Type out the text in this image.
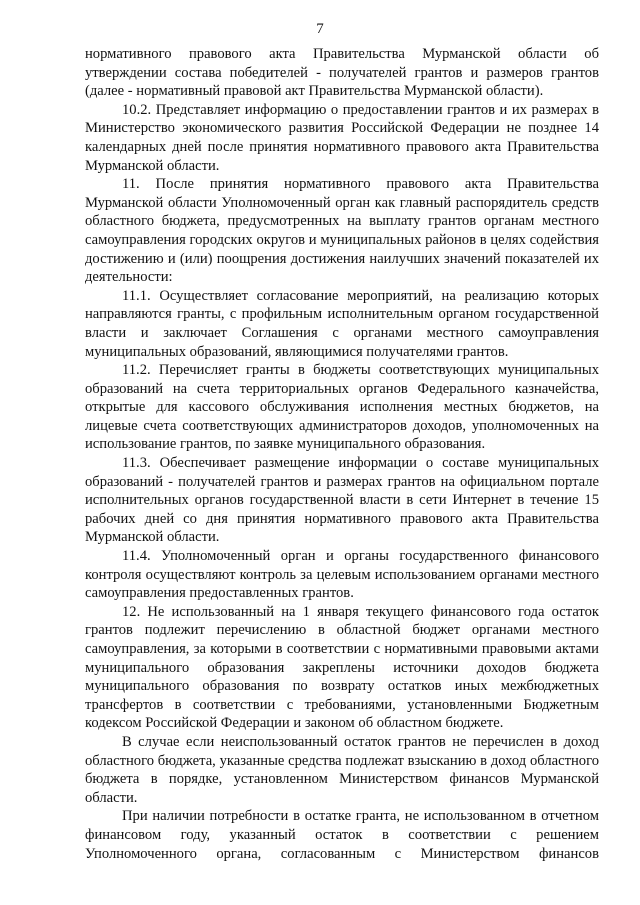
7

нормативного правового акта Правительства Мурманской области об утверждении состава победителей - получателей грантов и размеров грантов (далее - нормативный правовой акт Правительства Мурманской области).

10.2. Представляет информацию о предоставлении грантов и их размерах в Министерство экономического развития Российской Федерации не позднее 14 календарных дней после принятия нормативного правового акта Правительства Мурманской области.

11. После принятия нормативного правового акта Правительства Мурманской области Уполномоченный орган как главный распорядитель средств областного бюджета, предусмотренных на выплату грантов органам местного самоуправления городских округов и муниципальных районов в целях содействия достижению и (или) поощрения достижения наилучших значений показателей их деятельности:

11.1. Осуществляет согласование мероприятий, на реализацию которых направляются гранты, с профильным исполнительным органом государственной власти и заключает Соглашения с органами местного самоуправления муниципальных образований, являющимися получателями грантов.

11.2. Перечисляет гранты в бюджеты соответствующих муниципальных образований на счета территориальных органов Федерального казначейства, открытые для кассового обслуживания исполнения местных бюджетов, на лицевые счета соответствующих администраторов доходов, уполномоченных на использование грантов, по заявке муниципального образования.

11.3. Обеспечивает размещение информации о составе муниципальных образований - получателей грантов и размерах грантов на официальном портале исполнительных органов государственной власти в сети Интернет в течение 15 рабочих дней со дня принятия нормативного правового акта Правительства Мурманской области.

11.4. Уполномоченный орган и органы государственного финансового контроля осуществляют контроль за целевым использованием органами местного самоуправления предоставленных грантов.

12. Не использованный на 1 января текущего финансового года остаток грантов подлежит перечислению в областной бюджет органами местного самоуправления, за которыми в соответствии с нормативными правовыми актами муниципального образования закреплены источники доходов бюджета муниципального образования по возврату остатков иных межбюджетных трансфертов в соответствии с требованиями, установленными Бюджетным кодексом Российской Федерации и законом об областном бюджете.

В случае если неиспользованный остаток грантов не перечислен в доход областного бюджета, указанные средства подлежат взысканию в доход областного бюджета в порядке, установленном Министерством финансов Мурманской области.

При наличии потребности в остатке гранта, не использованном в отчетном финансовом году, указанный остаток в соответствии с решением Уполномоченного органа, согласованным с Министерством финансов
